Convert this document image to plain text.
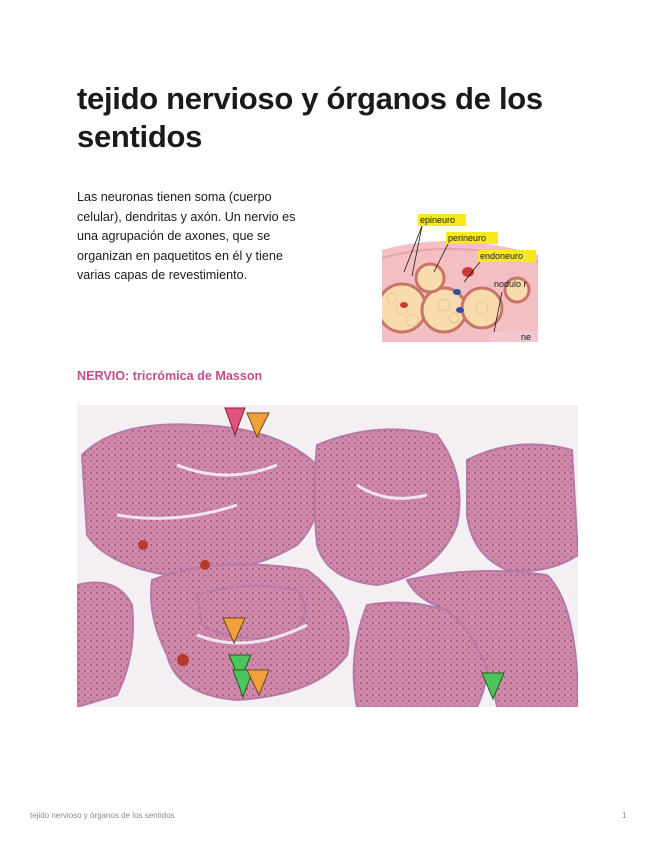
tejido nervioso y órganos de los sentidos

Las neuronas tienen soma (cuerpo celular), dendritas y axón. Un nervio es una agrupación de axones, que se organizan en paquetitos en él y tiene varias capas de revestimiento.

epineuro
perineuro
endoneuro
nodulo r
ne
NERVIO: tricrómica de Masson
tejido nervioso y órganos de los sentidos	1
